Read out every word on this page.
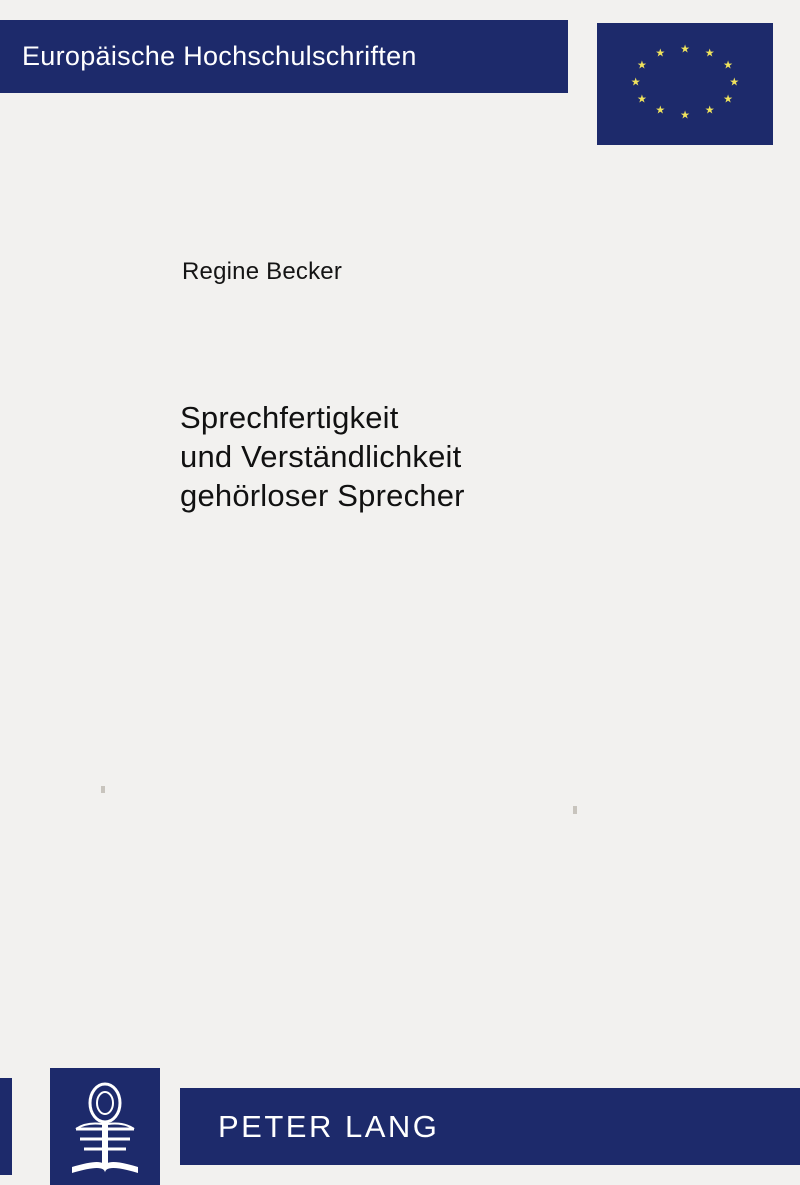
Europäische Hochschulschriften	★ ★
★
★
★
★
★
★
★
★
★
★
Regine Becker
Sprechfertigkeit
und Verständlichkeit
gehörloser Sprecher
PETER LANG
